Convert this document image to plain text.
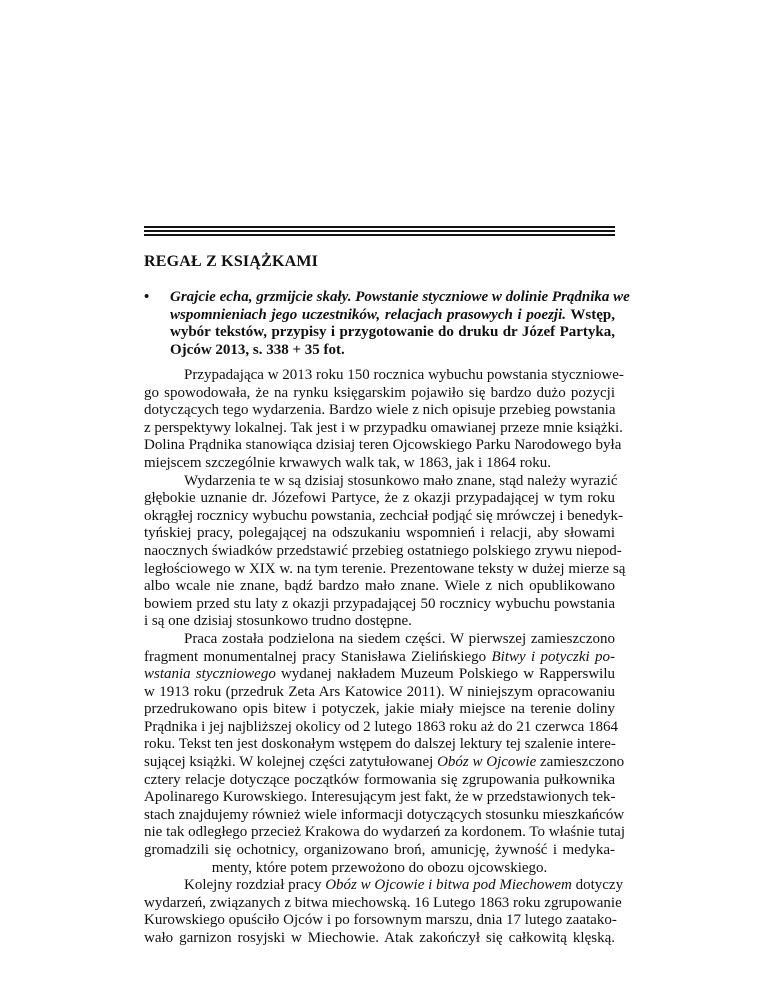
REGAŁ Z KSIĄŻKAMI
•	Grajcie echa, grzmijcie skały. Powstanie styczniowe w dolinie Prądnika we
wspomnieniach jego uczestników, relacjach prasowych i poezji. Wstęp,
wybór tekstów, przypisy i przygotowanie do druku dr Józef Partyka,
Ojców 2013, s. 338 + 35 fot.
Przypadająca w 2013 roku 150 rocznica wybuchu powstania styczniowe-
go spowodowała, że na rynku księgarskim pojawiło się bardzo dużo pozycji
dotyczących tego wydarzenia. Bardzo wiele z nich opisuje przebieg powstania
z perspektywy lokalnej. Tak jest i w przypadku omawianej przeze mnie książki.
Dolina Prądnika stanowiąca dzisiaj teren Ojcowskiego Parku Narodowego była
miejscem szczególnie krwawych walk tak, w 1863, jak i 1864 roku.
Wydarzenia te w są dzisiaj stosunkowo mało znane, stąd należy wyrazić
głębokie uznanie dr. Józefowi Partyce, że z okazji przypadającej w tym roku
okrągłej rocznicy wybuchu powstania, zechciał podjąć się mrówczej i benedyk-
tyńskiej pracy, polegającej na odszukaniu wspomnień i relacji, aby słowami
naocznych świadków przedstawić przebieg ostatniego polskiego zrywu niepod-
ległościowego w XIX w. na tym terenie. Prezentowane teksty w dużej mierze są
albo wcale nie znane, bądź bardzo mało znane. Wiele z nich opublikowano
bowiem przed stu laty z okazji przypadającej 50 rocznicy wybuchu powstania
i są one dzisiaj stosunkowo trudno dostępne.
Praca została podzielona na siedem części. W pierwszej zamieszczono
fragment monumentalnej pracy Stanisława Zielińskiego Bitwy i potyczki po-
wstania styczniowego wydanej nakładem Muzeum Polskiego w Rapperswilu
w 1913 roku (przedruk Zeta Ars Katowice 2011). W niniejszym opracowaniu
przedrukowano opis bitew i potyczek, jakie miały miejsce na terenie doliny
Prądnika i jej najbliższej okolicy od 2 lutego 1863 roku aż do 21 czerwca 1864
roku. Tekst ten jest doskonałym wstępem do dalszej lektury tej szalenie intere-
sującej książki. W kolejnej części zatytułowanej Obóz w Ojcowie zamieszczono
cztery relacje dotyczące początków formowania się zgrupowania pułkownika
Apolinarego Kurowskiego. Interesującym jest fakt, że w przedstawionych tek-
stach znajdujemy również wiele informacji dotyczących stosunku mieszkańców
nie tak odległego przecież Krakowa do wydarzeń za kordonem. To właśnie tutaj
gromadzili się ochotnicy, organizowano broń, amunicję, żywność i medyka-
menty, które potem przewożono do obozu ojcowskiego.
Kolejny rozdział pracy Obóz w Ojcowie i bitwa pod Miechowem dotyczy
wydarzeń, związanych z bitwa miechowską. 16 Lutego 1863 roku zgrupowanie
Kurowskiego opuściło Ojców i po forsownym marszu, dnia 17 lutego zaatako-
wało garnizon rosyjski w Miechowie. Atak zakończył się całkowitą klęską.
